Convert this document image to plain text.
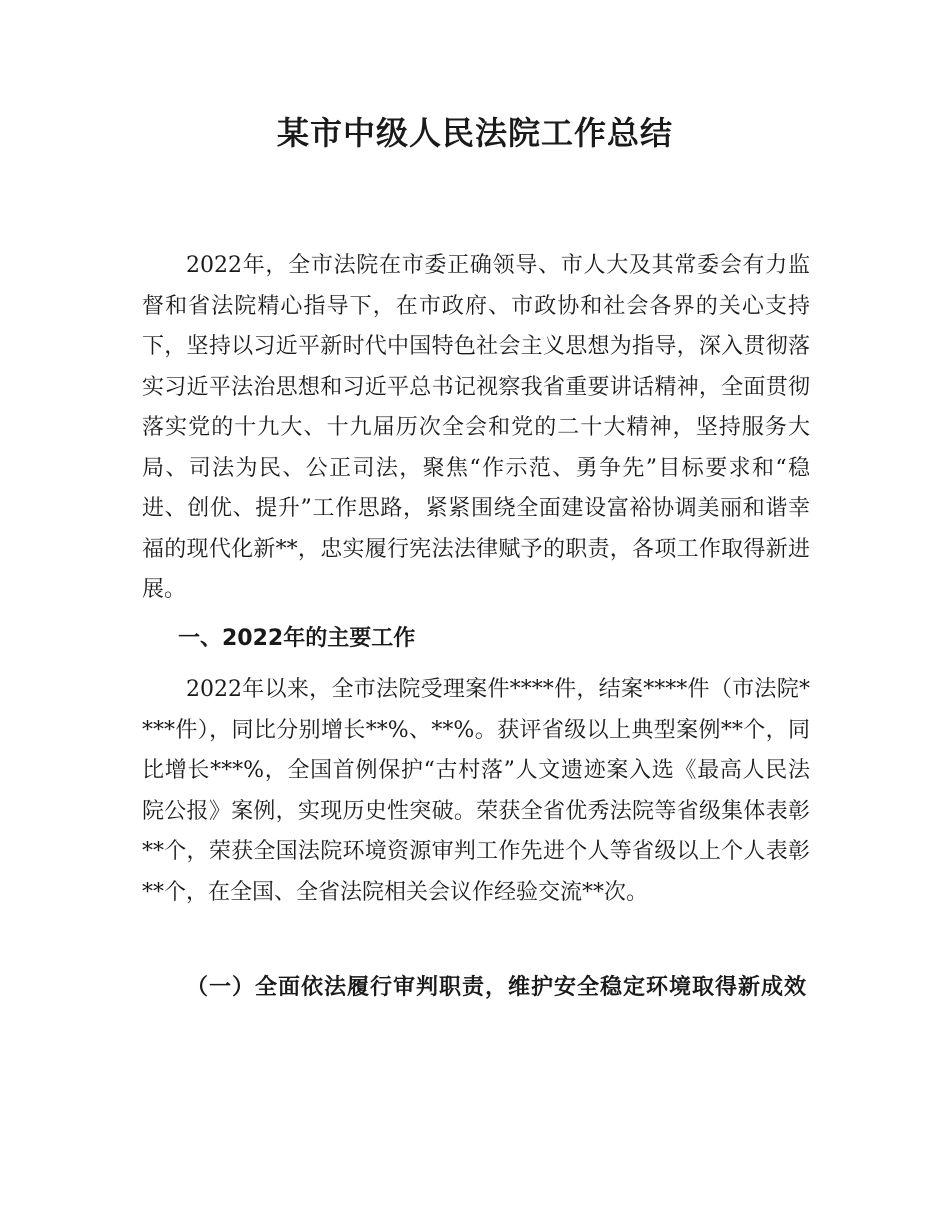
某市中级人民法院工作总结

2022年，全市法院在市委正确领导、市人大及其常委会有力监督和省法院精心指导下，在市政府、市政协和社会各界的关心支持下，坚持以习近平新时代中国特色社会主义思想为指导，深入贯彻落实习近平法治思想和习近平总书记视察我省重要讲话精神，全面贯彻落实党的十九大、十九届历次全会和党的二十大精神，坚持服务大局、司法为民、公正司法，聚焦“作示范、勇争先”目标要求和“稳进、创优、提升”工作思路，紧紧围绕全面建设富裕协调美丽和谐幸福的现代化新**，忠实履行宪法法律赋予的职责，各项工作取得新进展。

一、2022年的主要工作

2022年以来，全市法院受理案件****件，结案****件（市法院****件），同比分别增长**%、**%。获评省级以上典型案例**个，同比增长***%，全国首例保护“古村落”人文遗迹案入选《最高人民法院公报》案例，实现历史性突破。荣获全省优秀法院等省级集体表彰**个，荣获全国法院环境资源审判工作先进个人等省级以上个人表彰**个，在全国、全省法院相关会议作经验交流**次。

（一）全面依法履行审判职责，维护安全稳定环境取得新成效
